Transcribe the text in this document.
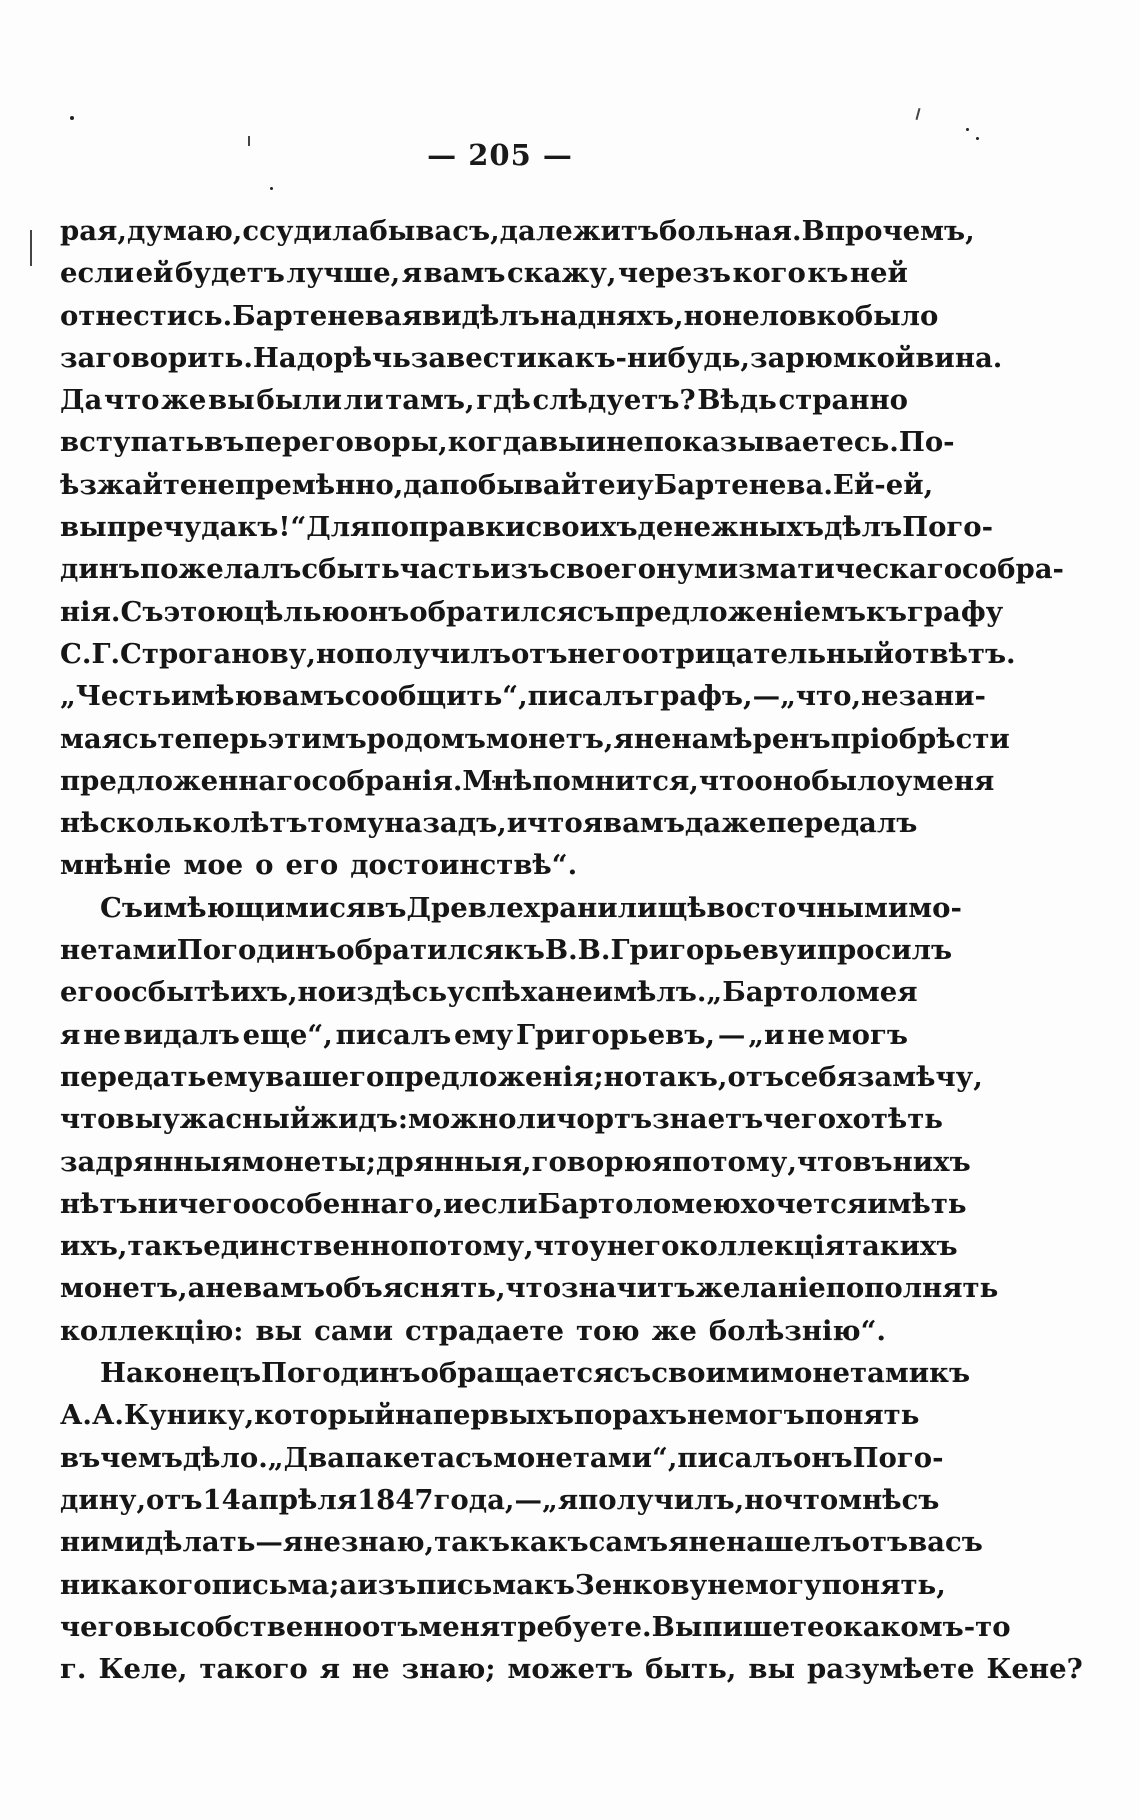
— 205 —
рая, думаю, ссудила бы васъ, да лежитъ больная. Впрочемъ,
если ей будетъ лучше, я вамъ скажу, черезъ кого къ ней
отнестись. Бартенева я видѣлъ на дняхъ, но неловко было
заговорить. Надо рѣчь завести какъ-нибудь, за рюмкой вина.
Да что же вы были ли тамъ, гдѣ слѣдуетъ? Вѣдь странно
вступать въ переговоры, когда вы и не показываетесь. По-
ѣзжайте непремѣнно, да побывайте и у Бартенева. Ей-ей,
вы пречудакъ!“ Для поправки своихъ денежныхъ дѣлъ Пого-
динъ пожелалъ сбыть часть изъ своего нумизматическаго собра-
нія. Съ этою цѣлью онъ обратился съ предложеніемъ къ графу
С. Г. Строганову, но получилъ отъ него отрицательный отвѣтъ.
„Честь имѣю вамъ сообщить“, писалъ графъ,— „что, не зани-
маясь теперь этимъ родомъ монетъ, я не намѣренъ пріобрѣсти
предложеннаго собранія. Мнѣ помнится, что оно было у меня
нѣсколько лѣтъ тому назадъ, и что я вамъ даже передалъ
мнѣніе мое о его достоинствѣ“.
Съ имѣющимися въ Древлехранилищѣ восточными мо-
нетами Погодинъ обратился къ В. В. Григорьеву и просилъ
его о сбытѣ ихъ, но и здѣсь успѣха не имѣлъ. „Бартоломея
я не видалъ еще“, писалъ ему Григорьевъ, — „и не могъ
передать ему вашего предложенія; но такъ, отъ себя замѣчу,
что вы ужасный жидъ: можно ли чортъ знаетъ чего хотѣть
за дрянныя монеты; дрянныя, говорю я потому, что въ нихъ
нѣтъ ничего особеннаго, и если Бартоломею хочется имѣть
ихъ, такъ единственно потому, что у него коллекція такихъ
монетъ, а не вамъ объяснять, что значитъ желаніе пополнять
коллекцію: вы сами страдаете тою же болѣзнію“.
Наконецъ Погодинъ обращается съ своими монетами къ
А. А. Кунику, который на первыхъ порахъ не могъ понять
въ чемъ дѣло. „Два пакета съ монетами“, писалъ онъ Пого-
дину, отъ 14 апрѣля 1847 года,— „я получилъ, но что мнѣ съ
ними дѣлать—я не знаю, такъ какъ самъ я не нашелъ отъ васъ
никакого письма; а изъ письма къ Зенкову не могу понять,
чего вы собственно отъ меня требуете. Вы пишете о какомъ-то
г. Келе, такого я не знаю; можетъ быть, вы разумѣете Кене?
